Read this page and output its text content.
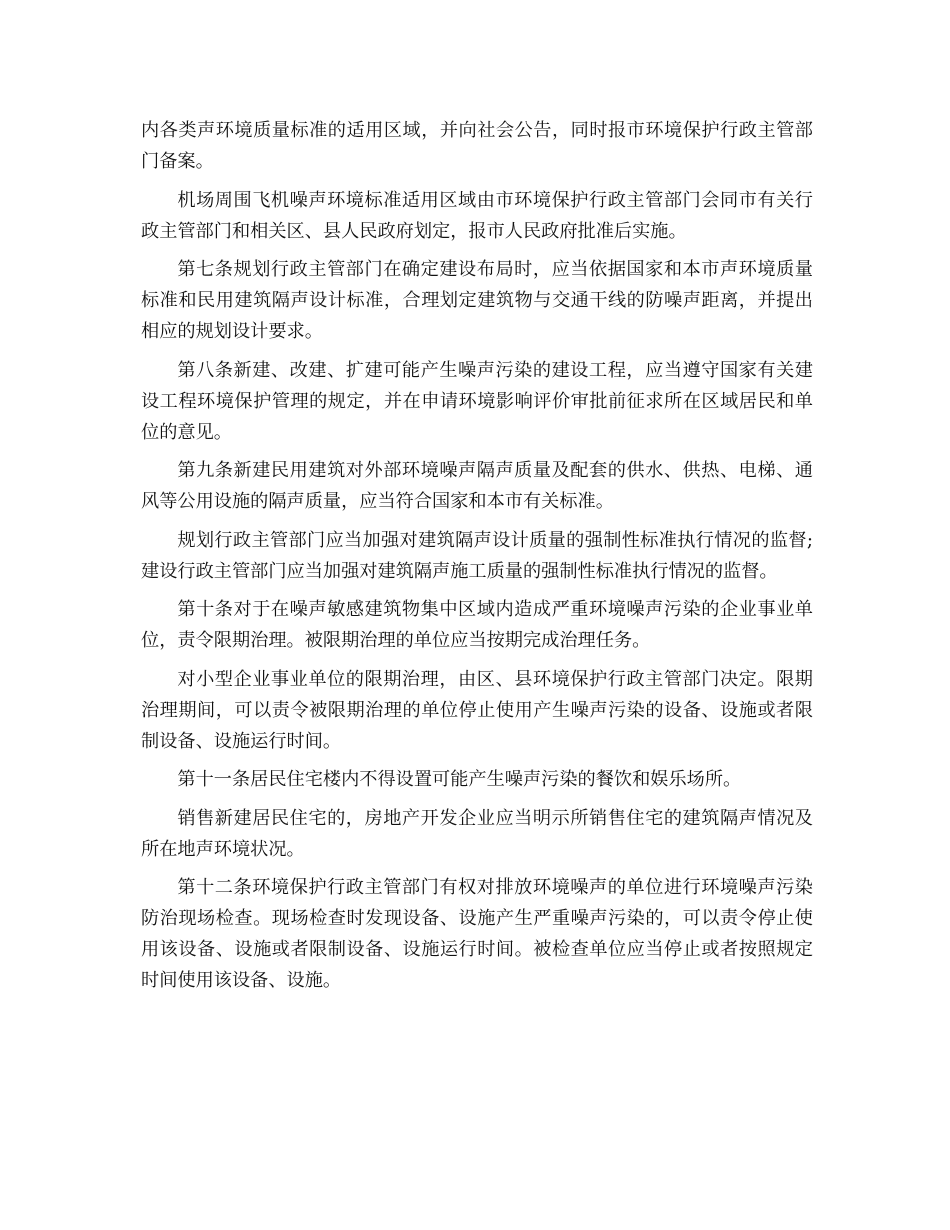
内各类声环境质量标准的适用区域，并向社会公告，同时报市环境保护行政主管部门备案。

机场周围飞机噪声环境标准适用区域由市环境保护行政主管部门会同市有关行政主管部门和相关区、县人民政府划定，报市人民政府批准后实施。

第七条规划行政主管部门在确定建设布局时，应当依据国家和本市声环境质量标准和民用建筑隔声设计标准，合理划定建筑物与交通干线的防噪声距离，并提出相应的规划设计要求。

第八条新建、改建、扩建可能产生噪声污染的建设工程，应当遵守国家有关建设工程环境保护管理的规定，并在申请环境影响评价审批前征求所在区域居民和单位的意见。

第九条新建民用建筑对外部环境噪声隔声质量及配套的供水、供热、电梯、通风等公用设施的隔声质量，应当符合国家和本市有关标准。

规划行政主管部门应当加强对建筑隔声设计质量的强制性标准执行情况的监督;建设行政主管部门应当加强对建筑隔声施工质量的强制性标准执行情况的监督。

第十条对于在噪声敏感建筑物集中区域内造成严重环境噪声污染的企业事业单位，责令限期治理。被限期治理的单位应当按期完成治理任务。

对小型企业事业单位的限期治理，由区、县环境保护行政主管部门决定。限期治理期间，可以责令被限期治理的单位停止使用产生噪声污染的设备、设施或者限制设备、设施运行时间。

第十一条居民住宅楼内不得设置可能产生噪声污染的餐饮和娱乐场所。

销售新建居民住宅的，房地产开发企业应当明示所销售住宅的建筑隔声情况及所在地声环境状况。

第十二条环境保护行政主管部门有权对排放环境噪声的单位进行环境噪声污染防治现场检查。现场检查时发现设备、设施产生严重噪声污染的，可以责令停止使用该设备、设施或者限制设备、设施运行时间。被检查单位应当停止或者按照规定时间使用该设备、设施。
